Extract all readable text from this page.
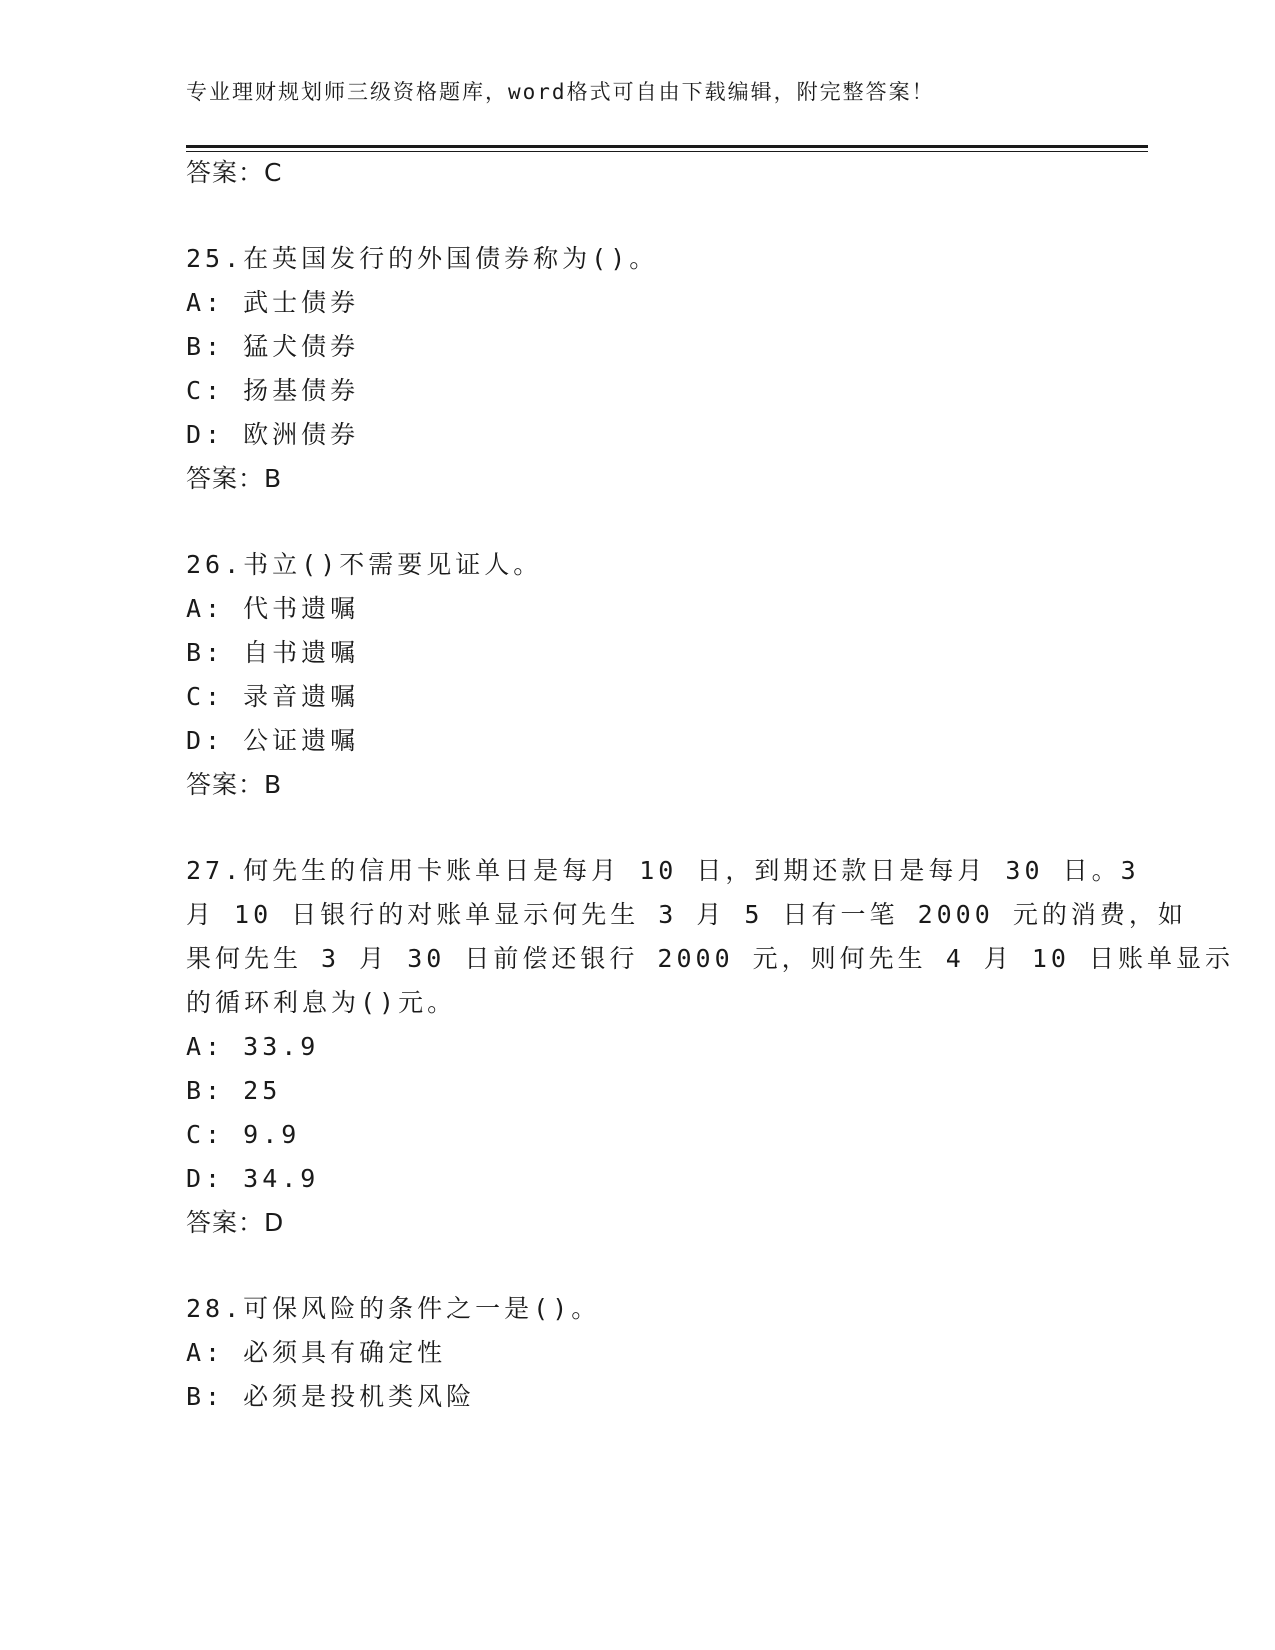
专业理财规划师三级资格题库，word格式可自由下载编辑，附完整答案！
答案：C
25.在英国发行的外国债券称为()。
A: 武士债券
B: 猛犬债券
C: 扬基债券
D: 欧洲债券
答案：B
26.书立()不需要见证人。
A: 代书遗嘱
B: 自书遗嘱
C: 录音遗嘱
D: 公证遗嘱
答案：B
27.何先生的信用卡账单日是每月 10 日，到期还款日是每月 30 日。3
月 10 日银行的对账单显示何先生 3 月 5 日有一笔 2000 元的消费，如
果何先生 3 月 30 日前偿还银行 2000 元，则何先生 4 月 10 日账单显示
的循环利息为()元。
A: 33.9
B: 25
C: 9.9
D: 34.9
答案：D
28.可保风险的条件之一是()。
A: 必须具有确定性
B: 必须是投机类风险
